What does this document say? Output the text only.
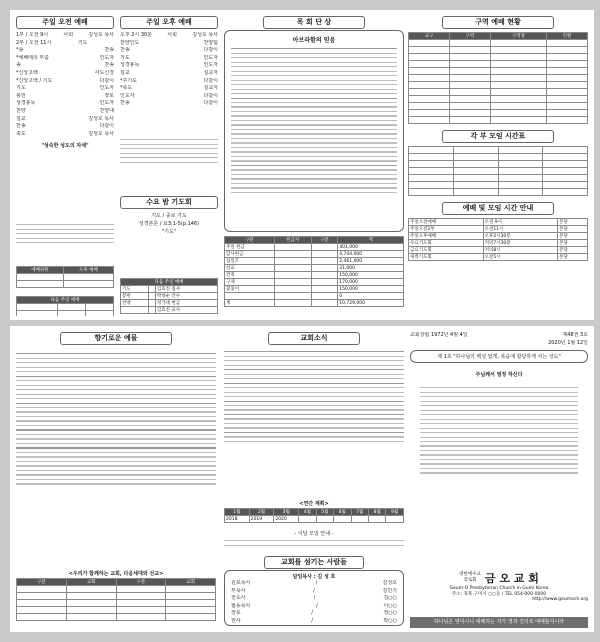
주일 오전 예배
1부 / 오전 9시	사회	김성호 목사
2부 / 오전 11시	기도
*송	찬송
*예배에의 부름	인도자
송	찬송
*신앙고백	사도신경
*신앙고백 / 기도	다같이
기도	인도자
봉헌	장로
성경봉독	인도자
찬양	찬양대
설교	김성호 목사
찬송	다같이
축도	김성호 목사
"성숙한 성도의 자세"
예배위원	오후 예배

다음 주일 예배		

주일 오후 예배
오후 2시 30분	사회	김성호 목사
찬양인도	찬양팀
찬송	다같이
기도	인도자
성경봉독	인도자
설교	설교자
*주기도	다같이
*축도	설교자
인도자	다같이
찬송	다같이
수요 밤 기도회
기도 / 중보 기도
성경본문 / 요3:1-5(p.146)
"기도"
다음 주일 예배		
기도		김효진 집사
봉헌		박창순 안수
찬양		성가대 헌금
		김효진 교사
목 회 단 상
아브라함의 믿음
구분	헌금자	구분	계
주일 헌금			401,000
감사헌금			4,744,000
십일조			2,461,000
선교			31,000
건축			150,000
구제			170,000
꽃꽂이			150,000
			0
계			10,729,000
구역 예배 현황
교구	구역	구역장	인원

각 부 모임 시간표

예배 및 모임 시간 안내
주일오전예배	오전 9시	본당
주일오전2부	오전11시	본당
주일오후예배	오후2시30분	본당
수요기도회	저녁7시30분	본당
금요기도회	저녁8시	본당
새벽기도회	오전5시	본당
향기로운 예물
<우리가 함께하는 교회, 다음세대와 선교>
구분	교회	구분	교회

교회소식
<연간 계획>
1월	2월	3월	4월	5월	6월	7월	8월	9월
2018	2019	2020						
- 이달 모임 안내 -
교회를 섬기는 사람들
담임목사 : 김 성 호
원로목사	/	김성호
부목사	/	김인기
전도사	/	김○○
협동목사	/	이○○
장로	/	정○○
권사	/	박○○
교회창립 1972년 4월 4일	제48권 3호
2020년 1월 12일
제 1호 "하나님의 백성 답게, 복음에 합당하게 사는 성도"
주님께서 열정 하신다
대한예수교
장로회 금 오 교 회
Geum-O Presbyterian Church in Gumi Korea
주소: 경북 구미시 ○○동 / TEL 054-000-0000
http://www.geumoch.org
하나님은 영이시니 예배하는 자가 영과 진리로 예배할지니라
